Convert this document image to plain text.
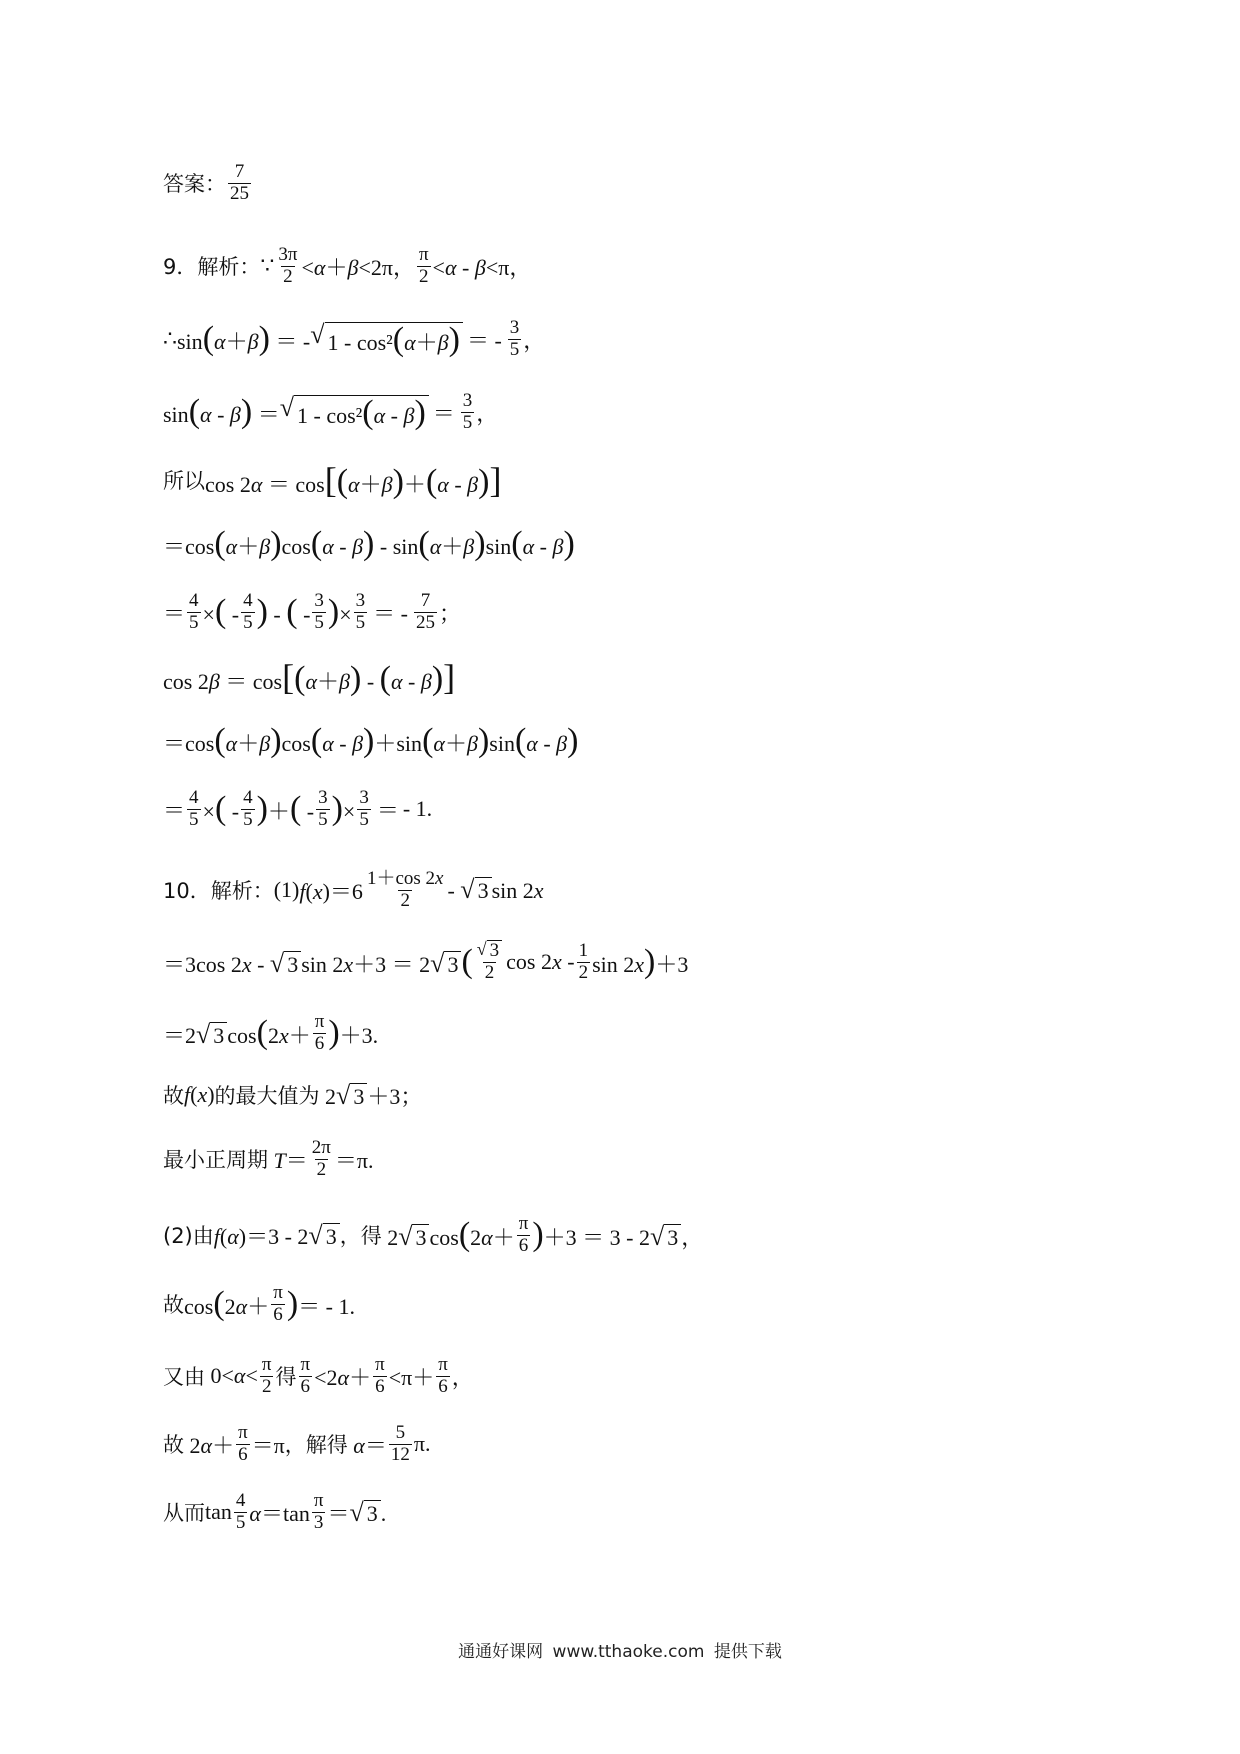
答案： $\frac{7}{25}$
9．解析： ∵ $\frac{3\pi}{2} <\alpha+\beta<2\pi$， $\frac{\pi}{2} <\alpha - \beta<\pi$，
∴ sin(α＋β) ＝ - √ 1 - cos²(α＋β) ＝ - $\frac{3}{5}$ ，
sin(α - β) ＝ √ $1 - \cos^2(\alpha - \beta) = \frac{3}{5}$ ，
所以 cos 2α ＝ cos[(α＋β)＋(α - β)]
＝cos(α＋β)cos(α - β) - sin(α＋β)sin(α - β)
＝ $\frac{4}{5}$ ×( - $\frac{4}{5}$ ) - ( - $\frac{3}{5}$ )× $\frac{3}{5}$ ＝ - $\frac{7}{25}$ ；
cos 2β ＝ cos[(α＋β) - (α - β)]
＝cos(α＋β)cos(α - β)＋sin(α＋β)sin(α - β)
＝ $\frac{4}{5}$ ×( - $\frac{4}{5}$ )＋( - $\frac{3}{5}$ )× $\frac{3}{5}$ ＝ - 1.
10．解析： (1) $f(x)=6 \frac{1+\cos 2x}{2}$ - √ 3 sin 2x
＝3cos 2x - √ 3 sin 2x＋3 ＝ 2 √ 3 ( $\frac{√ 3}{2}$ $\cos 2x - \frac{1}{2}$ sin 2x)＋3
＝2 √ 3 $\cos(2x+ \frac{\pi}{6} )+3$.
故 f(x) 的最大值为 2 √ 3 ＋3；
最小正周期 $T= \frac{2\pi}{2} =\pi$.
(2)由 f(α)＝3 - 2 √ 3 ，得 2 √ 3 $\cos(2\alpha+ \frac{\pi}{6} )+3 = 3 - 2$ √ 3 ，
故 $\cos(2\alpha+ \frac{\pi}{6}$ )＝ - 1.
又由 $0<\alpha< \frac{\pi}{2}$ 得 $\frac{\pi}{6} <2\alpha+ \frac{\pi}{6} <\pi+ \frac{\pi}{6}$ ，
故 $2\alpha+ \frac{\pi}{6} =\pi$ ，解得 $\alpha= \frac{5}{12} \pi$.
从而 $\tan \frac{4}{5} \alpha=\tan \frac{\pi}{3}$ ＝ √ 3 .
通通好课网 www.tthaoke.com 提供下载
